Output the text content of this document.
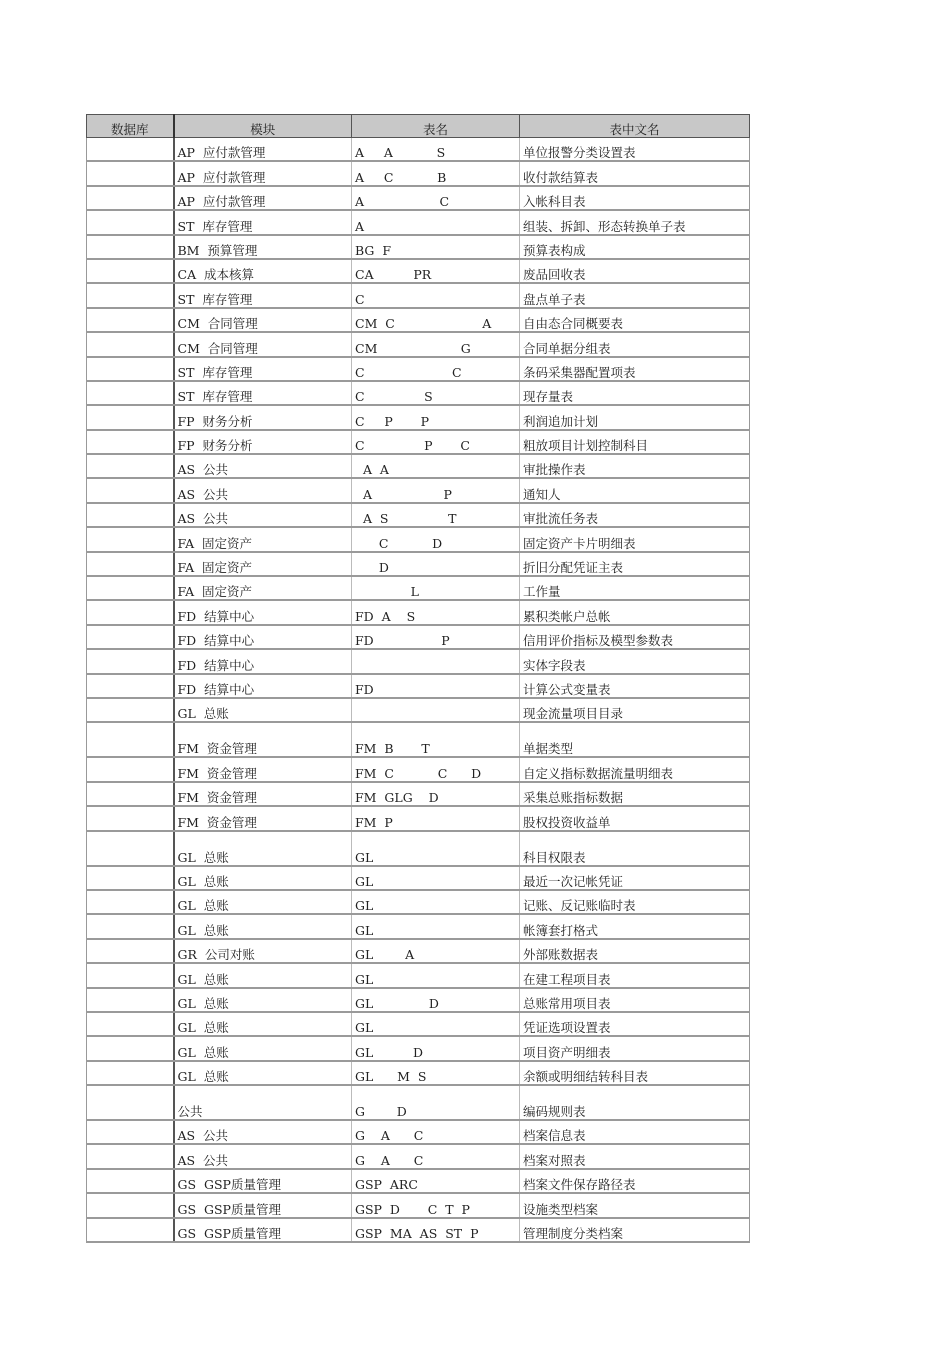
数据库	模块	表名	表中文名
	AP  应付款管理	A     A           S	单位报警分类设置表
	AP  应付款管理	A     C           B	收付款结算表
	AP  应付款管理	A                   C	入帐科目表
	ST  库存管理	A	组装、拆卸、形态转换单子表
	BM  预算管理	BG  F	预算表构成
	CA  成本核算	CA          PR	废品回收表
	ST  库存管理	C	盘点单子表
	CM  合同管理	CM  C                      A	自由态合同概要表
	CM  合同管理	CM                     G	合同单据分组表
	ST  库存管理	C                      C	条码采集器配置项表
	ST  库存管理	C               S	现存量表
	FP  财务分析	C     P       P	利润追加计划
	FP  财务分析	C               P       C	粗放项目计划控制科目
	AS  公共	A  A	审批操作表
	AS  公共	A                  P	通知人
	AS  公共	A  S               T	审批流任务表
	FA  固定资产	C           D	固定资产卡片明细表
	FA  固定资产	D	折旧分配凭证主表
	FA  固定资产	L	工作量
	FD  结算中心	FD  A    S	累积类帐户总帐
	FD  结算中心	FD                 P	信用评价指标及模型参数表
	FD  结算中心		实体字段表
	FD  结算中心	FD	计算公式变量表
	GL  总账		现金流量项目目录
	FM  资金管理	FM  B       T	单据类型
	FM  资金管理	FM  C           C      D	自定义指标数据流量明细表
	FM  资金管理	FM  GLG    D	采集总账指标数据
	FM  资金管理	FM  P	股权投资收益单
	GL  总账	GL	科目权限表
	GL  总账	GL	最近一次记帐凭证
	GL  总账	GL	记账、反记账临时表
	GL  总账	GL	帐簿套打格式
	GR  公司对账	GL        A	外部账数据表
	GL  总账	GL	在建工程项目表
	GL  总账	GL              D	总账常用项目表
	GL  总账	GL	凭证选项设置表
	GL  总账	GL          D	项目资产明细表
	GL  总账	GL      M  S	余额或明细结转科目表
	公共	G        D	编码规则表
	AS  公共	G    A      C	档案信息表
	AS  公共	G    A      C	档案对照表
	GS  GSP质量管理	GSP  ARC	档案文件保存路径表
	GS  GSP质量管理	GSP  D       C  T  P	设施类型档案
	GS  GSP质量管理	GSP  MA  AS  ST  P	管理制度分类档案
